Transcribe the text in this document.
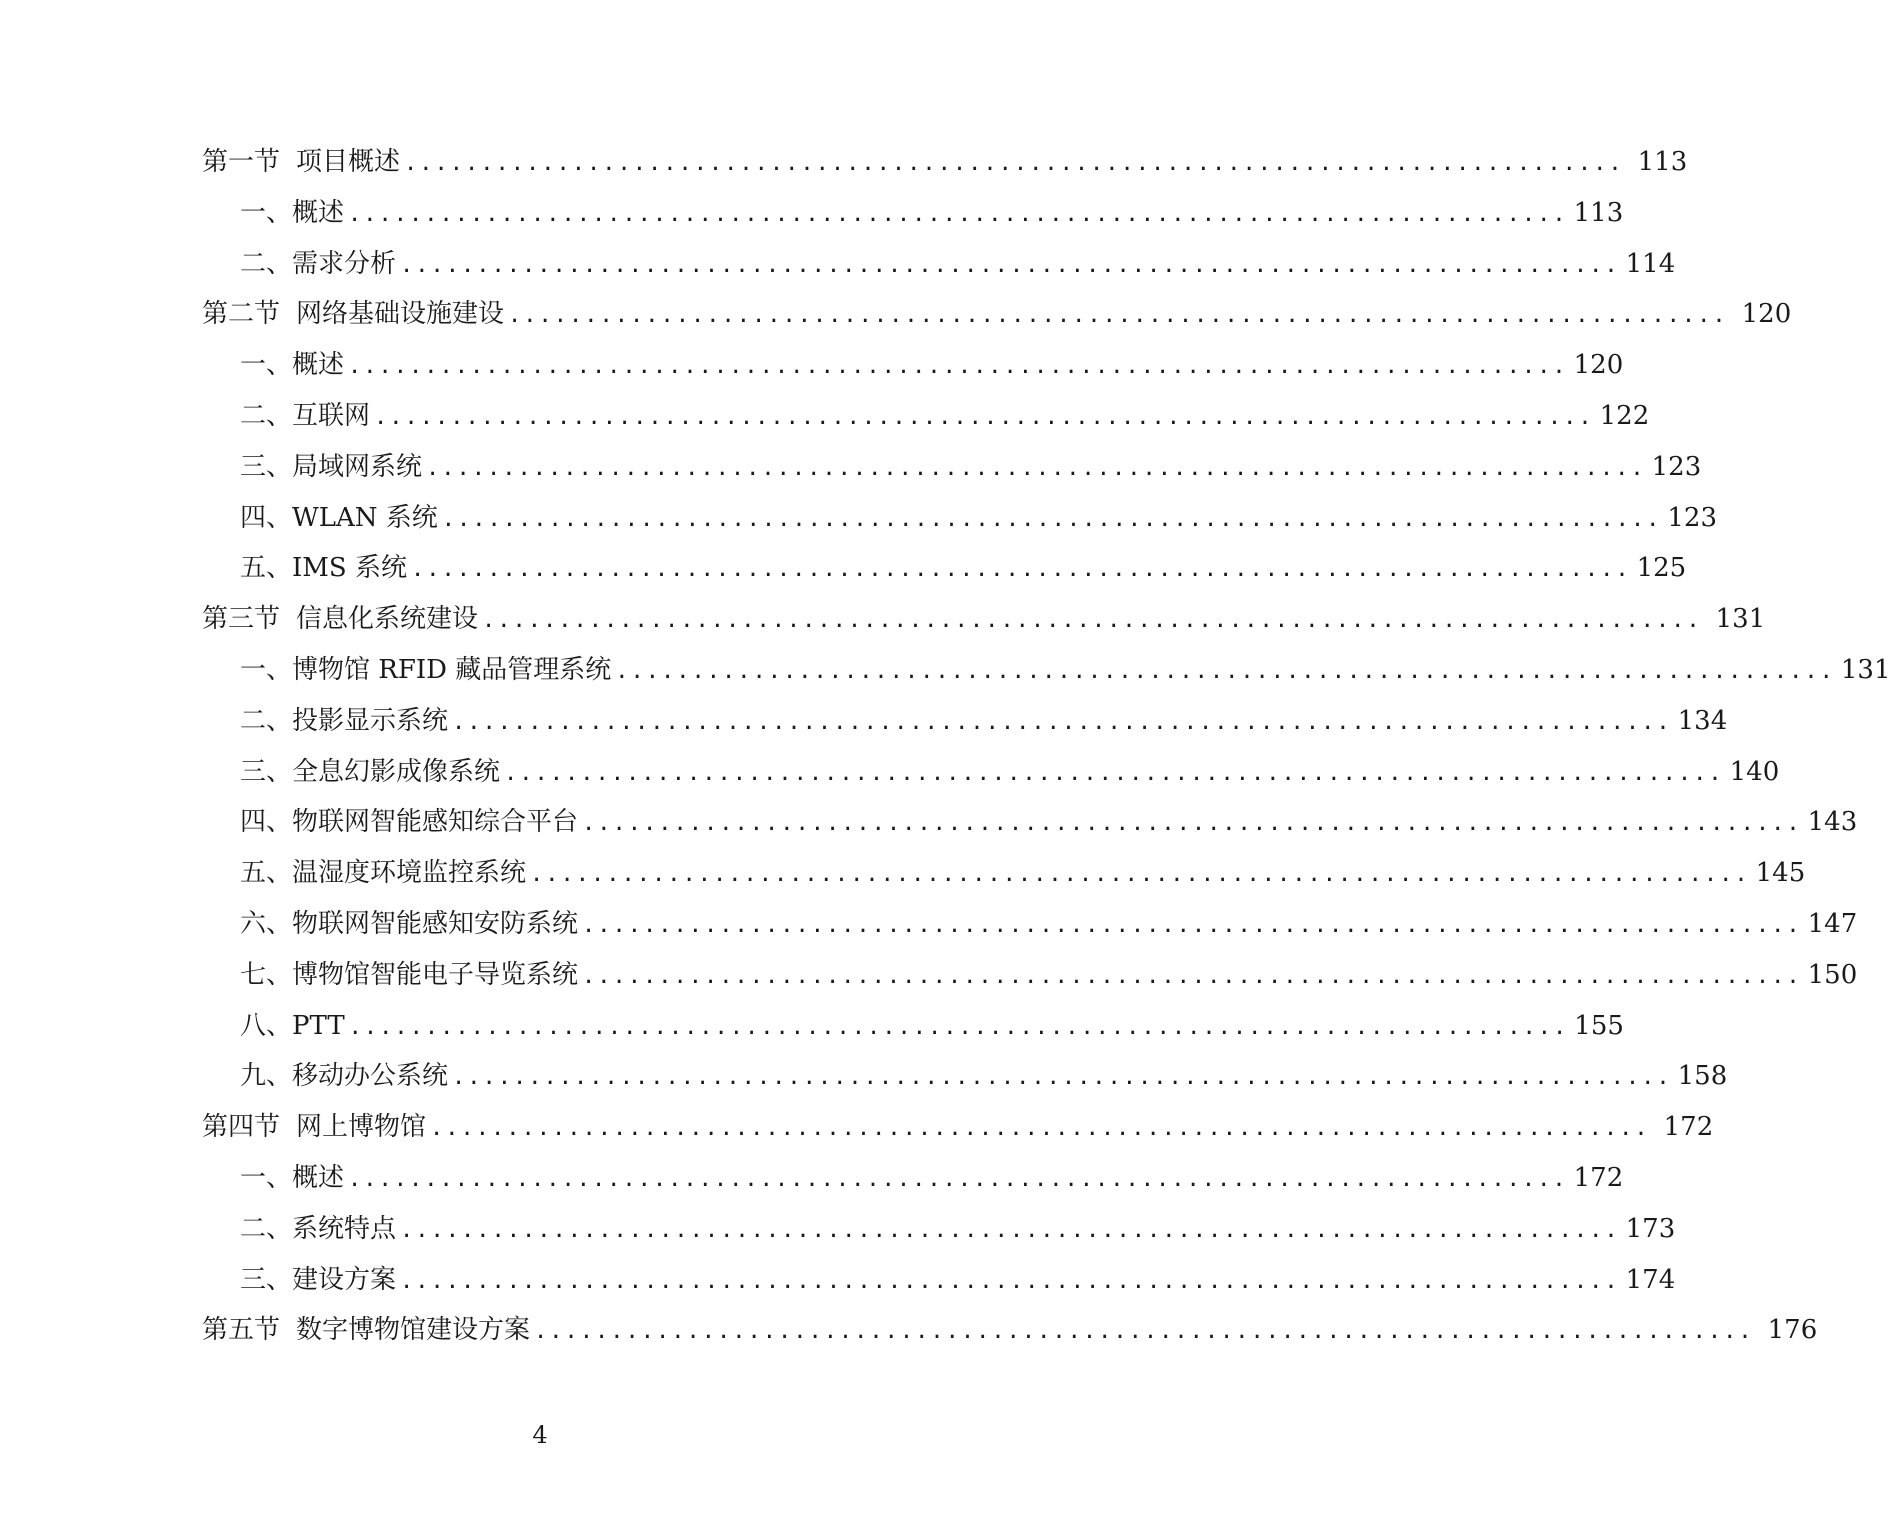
第一节 项目概述 ................................................................................ 113
一、概述 ................................................................................ 113
二、需求分析 ................................................................................ 114
第二节 网络基础设施建设 ................................................................................ 120
一、概述 ................................................................................ 120
二、互联网 ................................................................................ 122
三、局域网系统 ................................................................................ 123
四、WLAN 系统 ................................................................................ 123
五、IMS 系统 ................................................................................ 125
第三节 信息化系统建设 ................................................................................ 131
一、博物馆 RFID 藏品管理系统 ................................................................................ 131
二、投影显示系统 ................................................................................ 134
三、全息幻影成像系统 ................................................................................ 140
四、物联网智能感知综合平台 ................................................................................ 143
五、温湿度环境监控系统 ................................................................................ 145
六、物联网智能感知安防系统 ................................................................................ 147
七、博物馆智能电子导览系统 ................................................................................ 150
八、PTT ................................................................................ 155
九、移动办公系统 ................................................................................ 158
第四节 网上博物馆 ................................................................................ 172
一、概述 ................................................................................ 172
二、系统特点 ................................................................................ 173
三、建设方案 ................................................................................ 174
第五节 数字博物馆建设方案 ................................................................................ 176
4
